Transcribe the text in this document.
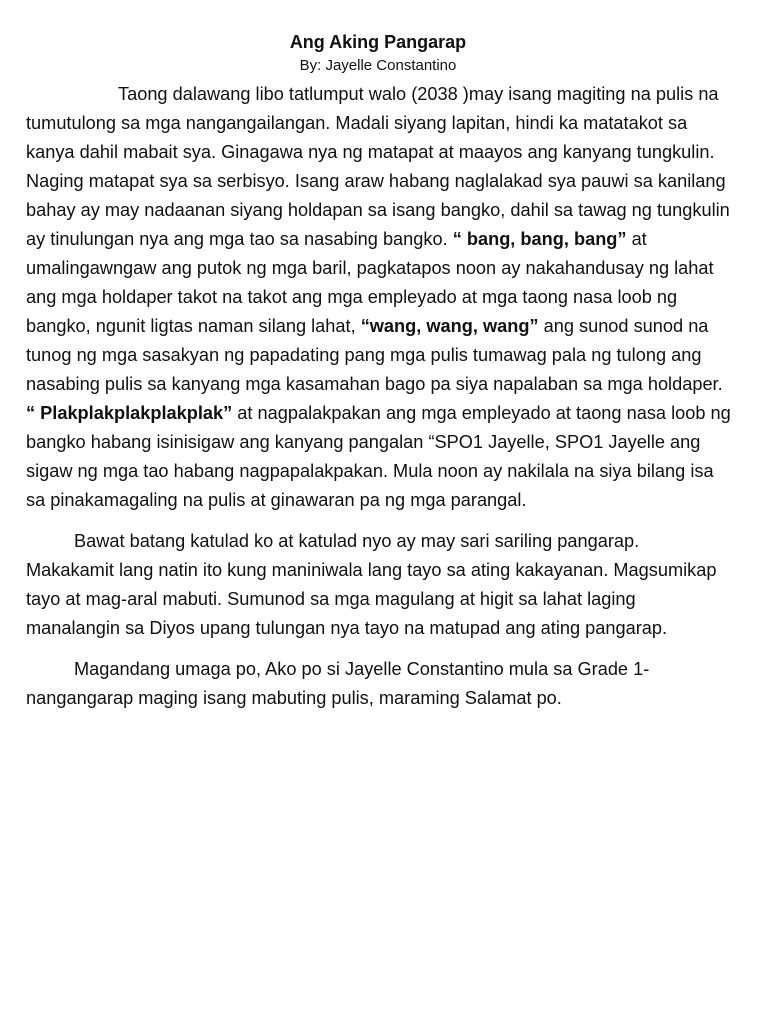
Ang Aking Pangarap
By: Jayelle Constantino

Taong dalawang libo tatlumput walo (2038 )may isang magiting na pulis na tumutulong sa mga nangangailangan. Madali siyang lapitan, hindi ka matatakot sa kanya dahil mabait sya. Ginagawa nya ng matapat at maayos ang kanyang tungkulin. Naging matapat sya sa serbisyo. Isang araw habang naglalakad sya pauwi sa kanilang bahay ay may nadaanan siyang holdapan sa isang bangko, dahil sa tawag ng tungkulin ay tinulungan nya ang mga tao sa nasabing bangko. “ bang, bang, bang” at umalingawngaw ang putok ng mga baril, pagkatapos noon ay nakahandusay ng lahat ang mga holdaper takot na takot ang mga empleyado at mga taong nasa loob ng bangko, ngunit ligtas naman silang lahat, “wang, wang, wang” ang sunod sunod na tunog ng mga sasakyan ng papadating pang mga pulis tumawag pala ng tulong ang nasabing pulis sa kanyang mga kasamahan bago pa siya napalaban sa mga holdaper. “ Plakplakplakplakplak” at nagpalakpakan ang mga empleyado at taong nasa loob ng bangko habang isinisigaw ang kanyang pangalan “SPO1 Jayelle, SPO1 Jayelle ang sigaw ng mga tao habang nagpapalakpakan. Mula noon ay nakilala na siya bilang isa sa pinakamagaling na pulis at ginawaran pa ng mga parangal.

Bawat batang katulad ko at katulad nyo ay may sari sariling pangarap. Makakamit lang natin ito kung maniniwala lang tayo sa ating kakayanan. Magsumikap tayo at mag-aral mabuti. Sumunod sa mga magulang at higit sa lahat laging manalangin sa Diyos upang tulungan nya tayo na matupad ang ating pangarap.

Magandang umaga po, Ako po si Jayelle Constantino mula sa Grade 1-nangangarap maging isang mabuting pulis, maraming Salamat po.
